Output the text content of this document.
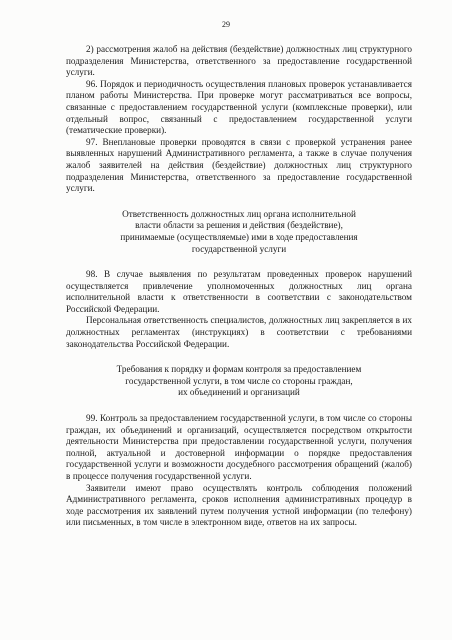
29

2) рассмотрения жалоб на действия (бездействие) должностных лиц структурного подразделения Министерства, ответственного за предоставление государственной услуги.

96. Порядок и периодичность осуществления плановых проверок устанавливается планом работы Министерства. При проверке могут рассматриваться все вопросы, связанные с предоставлением государственной услуги (комплексные проверки), или отдельный вопрос, связанный с предоставлением государственной услуги (тематические проверки).

97. Внеплановые проверки проводятся в связи с проверкой устранения ранее выявленных нарушений Административного регламента, а также в случае получения жалоб заявителей на действия (бездействие) должностных лиц структурного подразделения Министерства, ответственного за предоставление государственной услуги.

Ответственность должностных лиц органа исполнительной
власти области за решения и действия (бездействие),
принимаемые (осуществляемые) ими в ходе предоставления
государственной услуги

98. В случае выявления по результатам проведенных проверок нарушений осуществляется привлечение уполномоченных должностных лиц органа исполнительной власти к ответственности в соответствии с законодательством Российской Федерации.

Персональная ответственность специалистов, должностных лиц закрепляется в их должностных регламентах (инструкциях) в соответствии с требованиями законодательства Российской Федерации.

Требования к порядку и формам контроля за предоставлением
государственной услуги, в том числе со стороны граждан,
их объединений и организаций

99. Контроль за предоставлением государственной услуги, в том числе со стороны граждан, их объединений и организаций, осуществляется посредством открытости деятельности Министерства при предоставлении государственной услуги, получения полной, актуальной и достоверной информации о порядке предоставления государственной услуги и возможности досудебного рассмотрения обращений (жалоб) в процессе получения государственной услуги.

Заявители имеют право осуществлять контроль соблюдения положений Административного регламента, сроков исполнения административных процедур в ходе рассмотрения их заявлений путем получения устной информации (по телефону) или письменных, в том числе в электронном виде, ответов на их запросы.
